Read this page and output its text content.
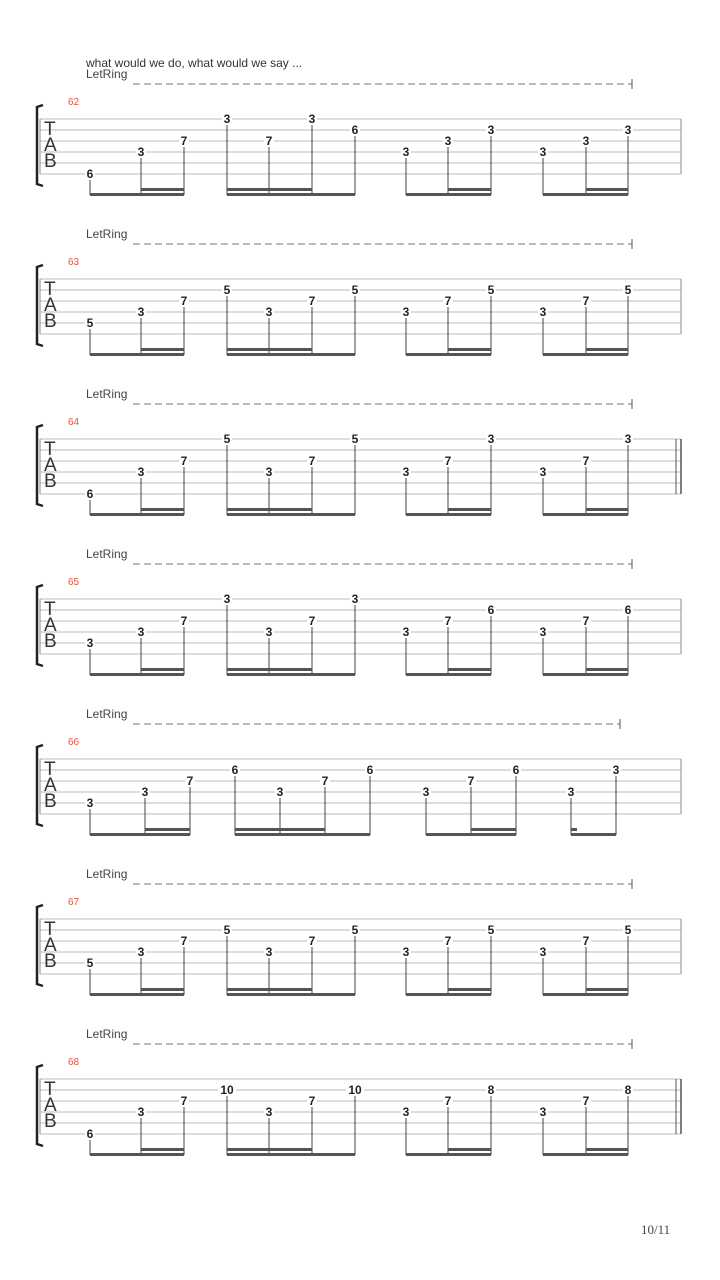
what would we do, what would we say ...
LetRing
62
T
A
B
6
3
7
3
7
3
6
3
3
3
3
3
3
LetRing
63
T
A
B 5
3
7
5
3
7
5
3
7
5
3
7
5
LetRing
64
T
A
B
6
3
7
5
3
7
5
3
7
3
3
7
3
LetRing
65
T
A
B 3
3
7
3
3
7
3
3
7
6
3
7
6
LetRing
66
T
A
B 3
3
7
6
3
7
6
3
7
6
3
3
LetRing
67
T
A
B 5
3
7
5
3
7
5
3
7
5
3
7
5
LetRing
68
T
A
B
6
3
7
10
3
7
10
3
7
8
3
7
8
10/11
